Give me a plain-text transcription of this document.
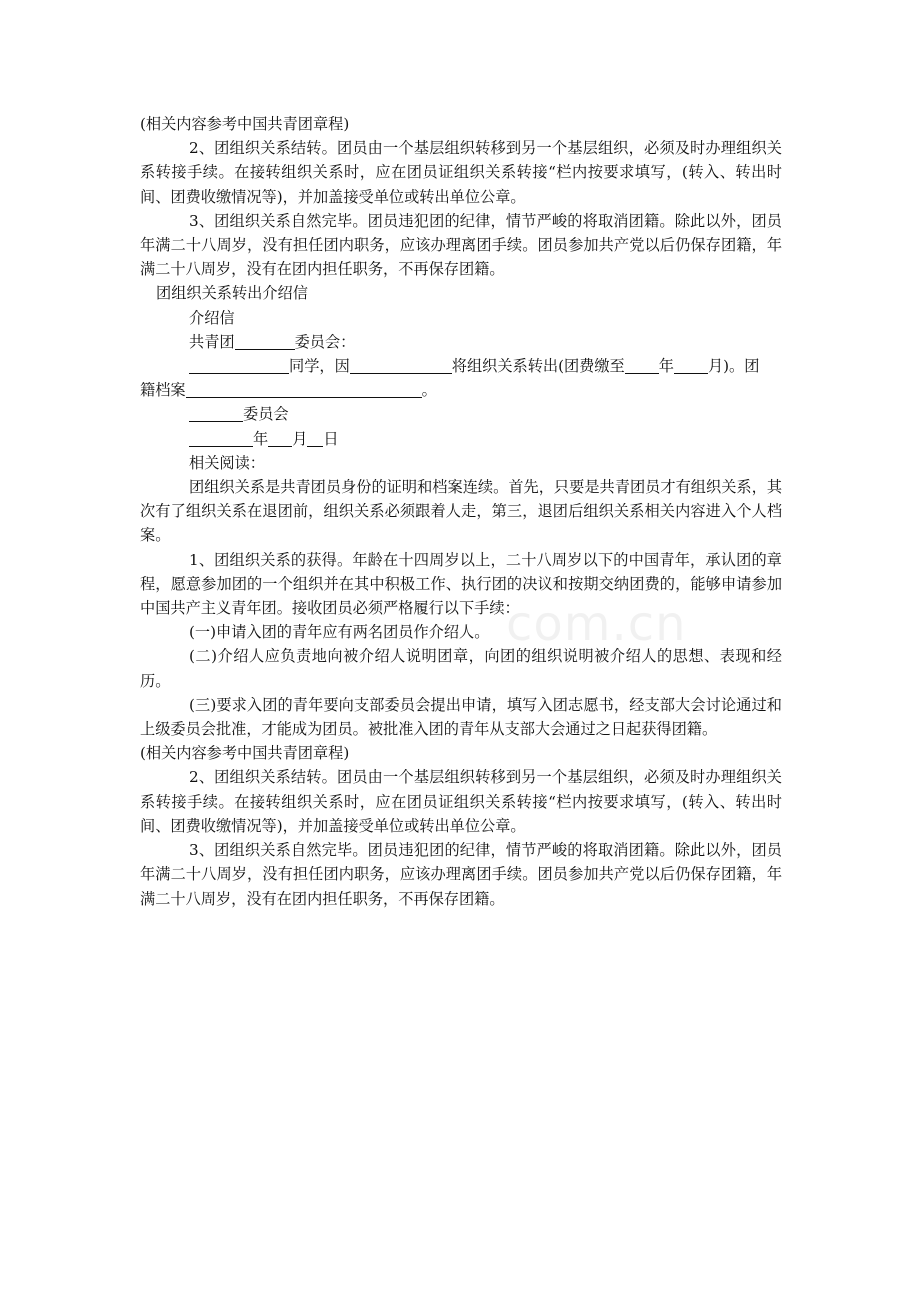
com.cn

(相关内容参考中国共青团章程)

2、团组织关系结转。团员由一个基层组织转移到另一个基层组织，必须及时办理组织关系转接手续。在接转组织关系时，应在团员证组织关系转接“栏内按要求填写，(转入、转出时间、团费收缴情况等)，并加盖接受单位或转出单位公章。

3、团组织关系自然完毕。团员违犯团的纪律，情节严峻的将取消团籍。除此以外，团员年满二十八周岁，没有担任团内职务，应该办理离团手续。团员参加共产党以后仍保存团籍，年满二十八周岁，没有在团内担任职务，不再保存团籍。

团组织关系转出介绍信

介绍信

共青团	委员会：

同学，因	将组织关系转出(团费缴至 年 月)。团

籍档案	。

委员会

年 月 日

相关阅读：

团组织关系是共青团员身份的证明和档案连续。首先，只要是共青团员才有组织关系，其次有了组织关系在退团前，组织关系必须跟着人走，第三，退团后组织关系相关内容进入个人档案。

1、团组织关系的获得。年龄在十四周岁以上，二十八周岁以下的中国青年，承认团的章程，愿意参加团的一个组织并在其中积极工作、执行团的决议和按期交纳团费的，能够申请参加中国共产主义青年团。接收团员必须严格履行以下手续：

(一)申请入团的青年应有两名团员作介绍人。

(二)介绍人应负责地向被介绍人说明团章，向团的组织说明被介绍人的思想、表现和经历。

(三)要求入团的青年要向支部委员会提出申请，填写入团志愿书，经支部大会讨论通过和上级委员会批准，才能成为团员。被批准入团的青年从支部大会通过之日起获得团籍。

(相关内容参考中国共青团章程)

2、团组织关系结转。团员由一个基层组织转移到另一个基层组织，必须及时办理组织关系转接手续。在接转组织关系时，应在团员证组织关系转接“栏内按要求填写，(转入、转出时间、团费收缴情况等)，并加盖接受单位或转出单位公章。

3、团组织关系自然完毕。团员违犯团的纪律，情节严峻的将取消团籍。除此以外，团员年满二十八周岁，没有担任团内职务，应该办理离团手续。团员参加共产党以后仍保存团籍，年满二十八周岁，没有在团内担任职务，不再保存团籍。
